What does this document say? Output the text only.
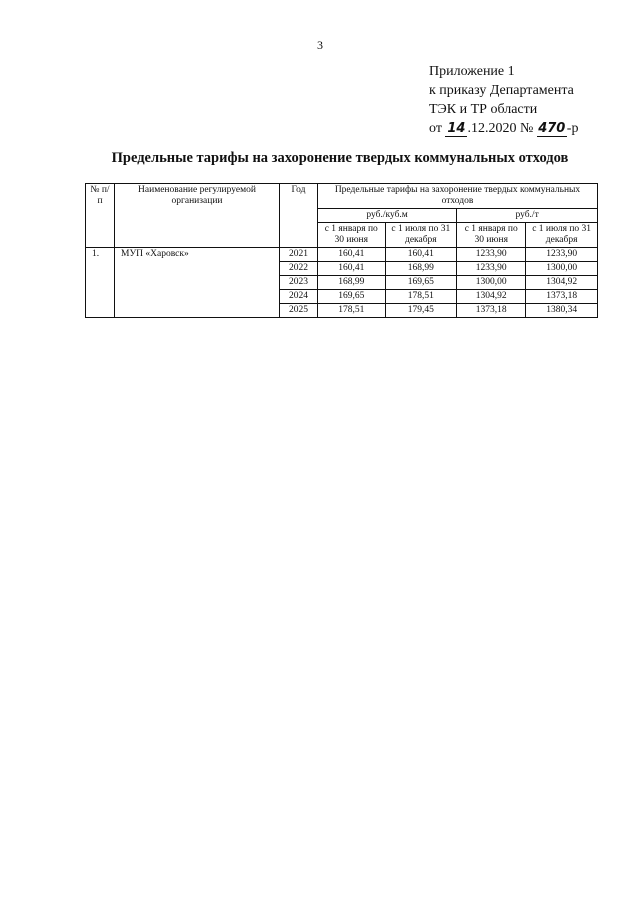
3
Приложение 1
к приказу Департамента
ТЭК и ТР области
от 14 .12.2020 № 470-р
Предельные тарифы на захоронение твердых коммунальных отходов
№ п/п	Наименование регулируемой организации	Год	Предельные тарифы на захоронение твердых коммунальных отходов			
			руб./куб.м		руб./т	
			с 1 января по 30 июня	с 1 июля по 31 декабря	с 1 января по 30 июня	с 1 июля по 31 декабря
1.	МУП «Харовск»	2021	160,41	160,41	1233,90	1233,90
		2022	160,41	168,99	1233,90	1300,00
		2023	168,99	169,65	1300,00	1304,92
		2024	169,65	178,51	1304,92	1373,18
		2025	178,51	179,45	1373,18	1380,34
